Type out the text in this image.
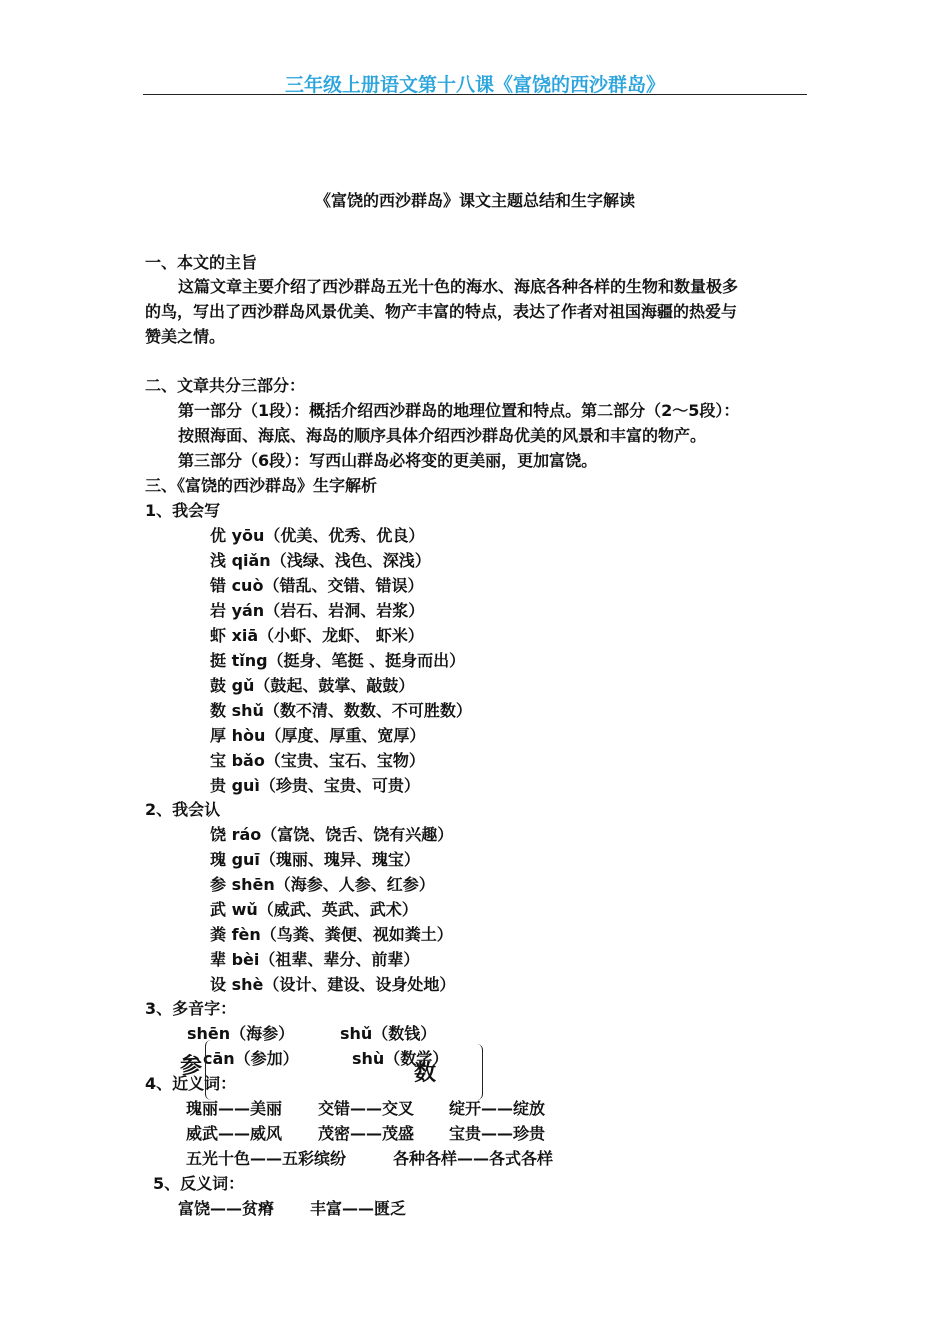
三年级上册语文第十八课《富饶的西沙群岛》
《富饶的西沙群岛》课文主题总结和生字解读
一、本文的主旨
这篇文章主要介绍了西沙群岛五光十色的海水、海底各种各样的生物和数量极多
的鸟，写出了西沙群岛风景优美、物产丰富的特点，表达了作者对祖国海疆的热爱与
赞美之情。
二、文章共分三部分：
第一部分（1段）：概括介绍西沙群岛的地理位置和特点。第二部分（2～5段）：
按照海面、海底、海岛的顺序具体介绍西沙群岛优美的风景和丰富的物产。
第三部分（6段）：写西山群岛必将变的更美丽，更加富饶。
三、《富饶的西沙群岛》生字解析
1、我会写
优 yōu（优美、优秀、优良）
浅 qiǎn（浅绿、浅色、深浅）
错 cuò（错乱、交错、错误）
岩 yán（岩石、岩洞、岩浆）
虾 xiā（小虾、龙虾、 虾米）
挺 tǐng（挺身、笔挺 、挺身而出）
鼓 gǔ（鼓起、鼓掌、敲鼓）
数 shǔ（数不清、数数、不可胜数）
厚 hòu（厚度、厚重、宽厚）
宝 bǎo（宝贵、宝石、宝物）
贵 guì（珍贵、宝贵、可贵）
2、我会认
饶 ráo（富饶、饶舌、饶有兴趣）
瑰 guī（瑰丽、瑰异、瑰宝）
参 shēn（海参、人参、红参）
武 wǔ（威武、英武、武术）
粪 fèn（鸟粪、粪便、视如粪土）
辈 bèi（祖辈、辈分、前辈）
设 shè（设计、建设、设身处地）
3、多音字：
shēn（海参）
cān（参加）
shǔ（数钱）
shù（数学）
参	数
4、近义词：
瑰丽——美丽 交错——交叉 绽开——绽放
威武——威风 茂密——茂盛 宝贵——珍贵
五光十色——五彩缤纷	各种各样——各式各样
5、反义词：
富饶——贫瘠 丰富——匮乏
